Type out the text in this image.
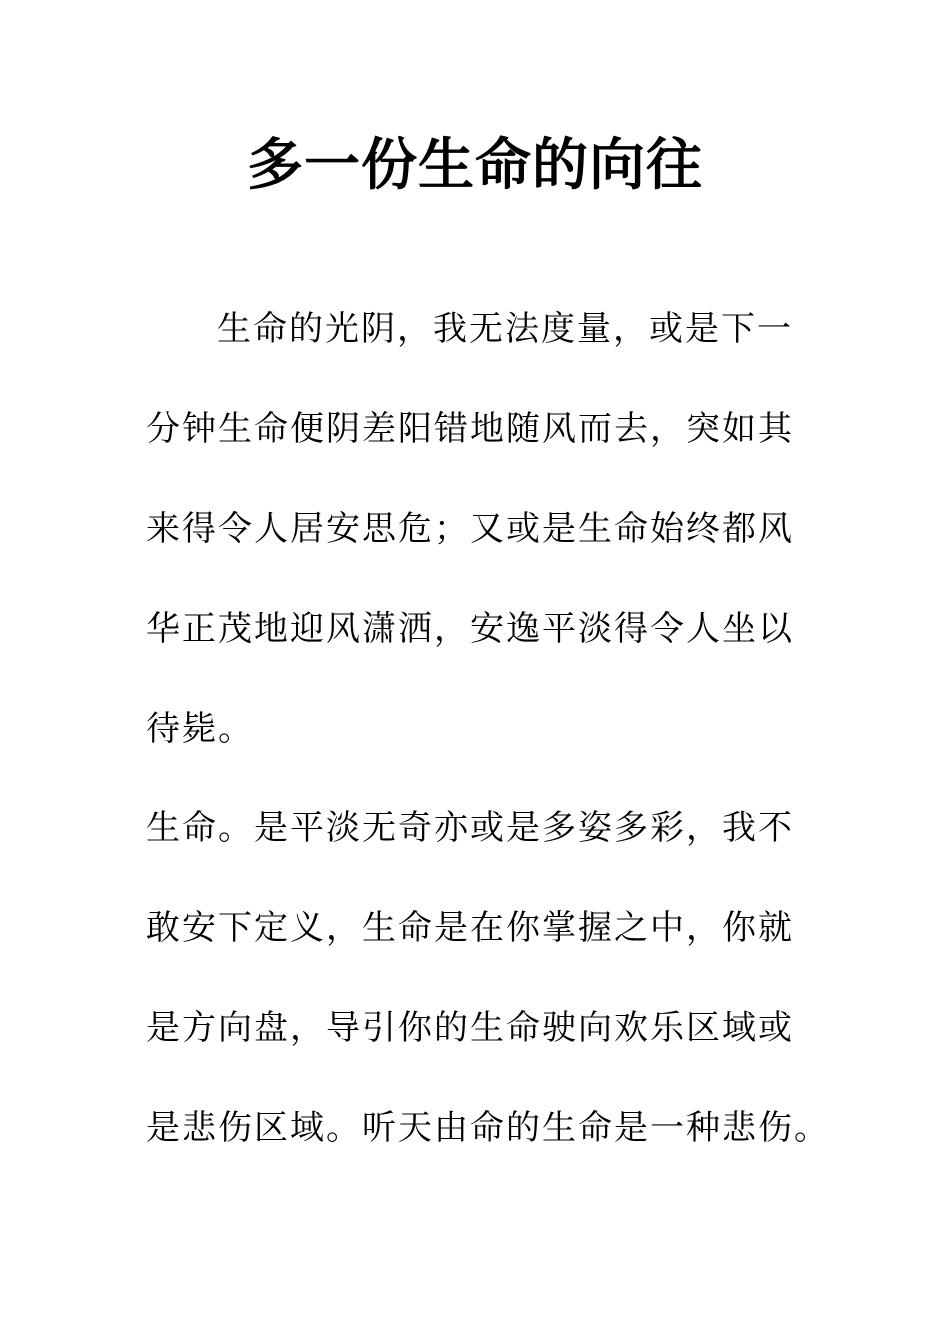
多一份生命的向往
生命的光阴，我无法度量，或是下一
分钟生命便阴差阳错地随风而去，突如其
来得令人居安思危；又或是生命始终都风
华正茂地迎风潇洒，安逸平淡得令人坐以
待毙。
生命。是平淡无奇亦或是多姿多彩，我不
敢安下定义，生命是在你掌握之中，你就
是方向盘，导引你的生命驶向欢乐区域或
是悲伤区域。听天由命的生命是一种悲伤。
